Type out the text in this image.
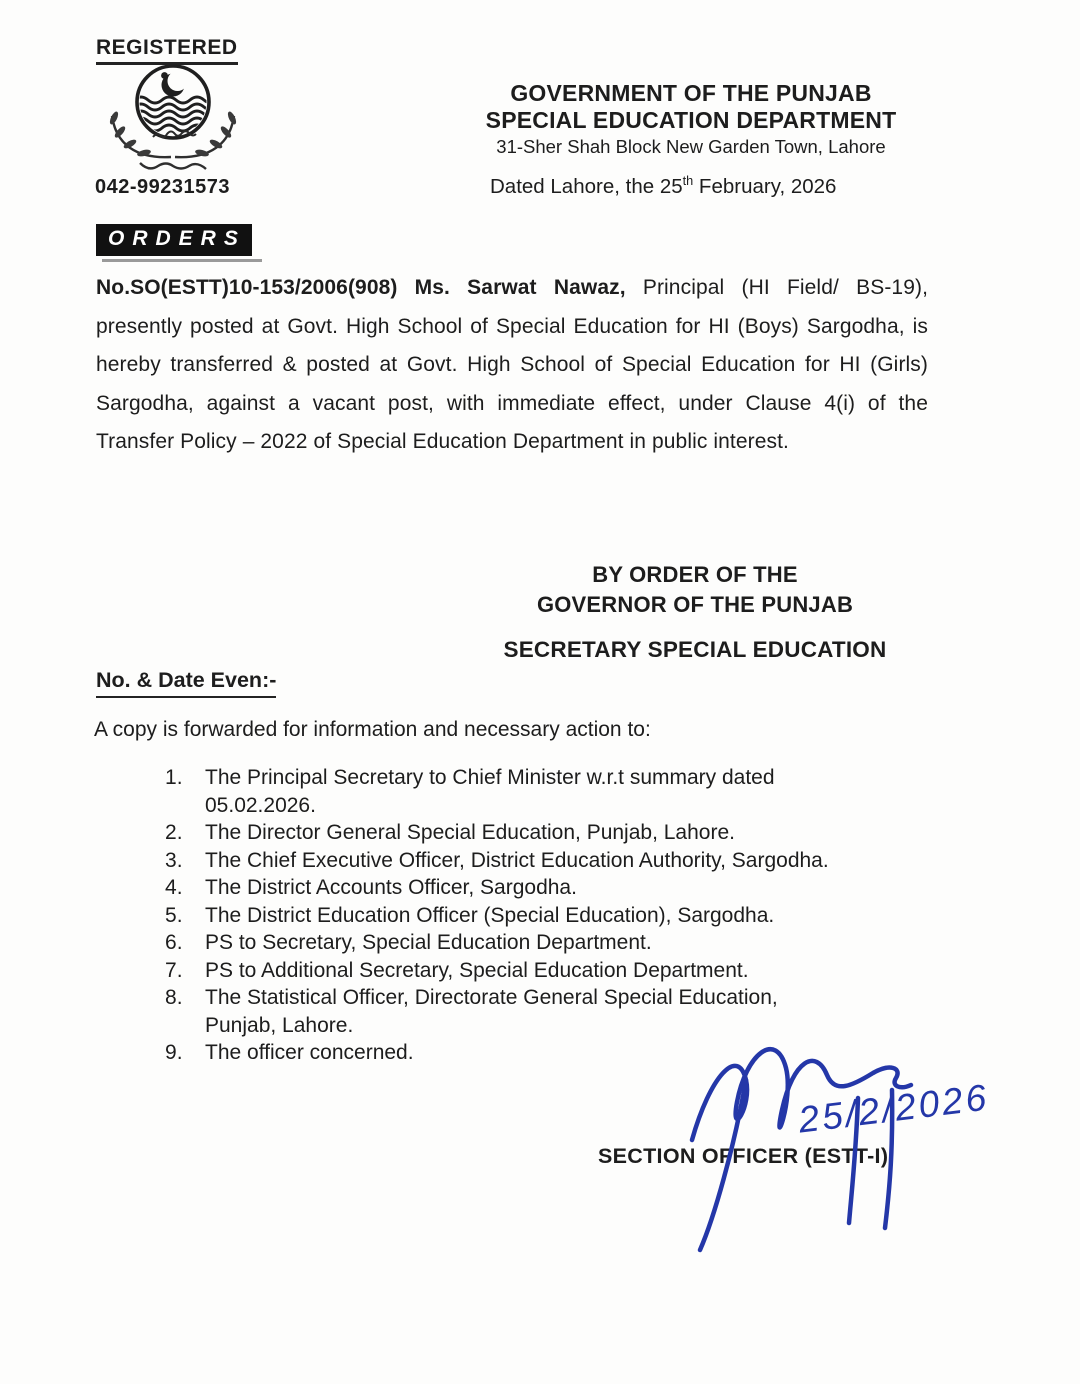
REGISTERED
042-99231573
ORDERS
GOVERNMENT OF THE PUNJAB
SPECIAL EDUCATION DEPARTMENT
31-Sher Shah Block New Garden Town, Lahore
Dated Lahore, the 25th February, 2026

No.SO(ESTT)10-153/2006(908) Ms. Sarwat Nawaz, Principal (HI Field/ BS-19), presently posted at Govt. High School of Special Education for HI (Boys) Sargodha, is hereby transferred & posted at Govt. High School of Special Education for HI (Girls) Sargodha, against a vacant post, with immediate effect, under Clause 4(i) of the Transfer Policy – 2022 of Special Education Department in public interest.

BY ORDER OF THE
GOVERNOR OF THE PUNJAB
SECRETARY SPECIAL EDUCATION
No. & Date Even:-
A copy is forwarded for information and necessary action to:
The Principal Secretary to Chief Minister w.r.t summary dated
05.02.2026.
The Director General Special Education, Punjab, Lahore.
The Chief Executive Officer, District Education Authority, Sargodha.
The District Accounts Officer, Sargodha.
The District Education Officer (Special Education), Sargodha.
PS to Secretary, Special Education Department.
PS to Additional Secretary, Special Education Department.
The Statistical Officer, Directorate General Special Education,
Punjab, Lahore.
The officer concerned.
25/2/2026
SECTION OFFICER (ESTT-I)
